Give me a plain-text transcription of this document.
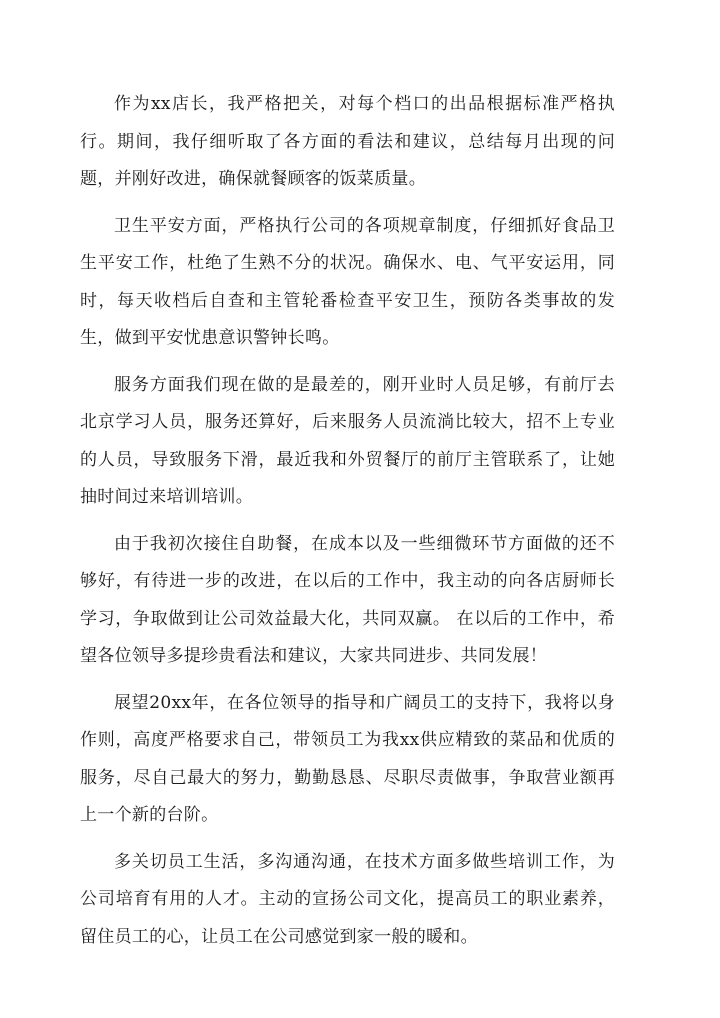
作为xx店长，我严格把关，对每个档口的出品根据标准严格执行。期间，我仔细听取了各方面的看法和建议，总结每月出现的问题，并刚好改进，确保就餐顾客的饭菜质量。

卫生平安方面，严格执行公司的各项规章制度，仔细抓好食品卫生平安工作，杜绝了生熟不分的状况。确保水、电、气平安运用，同时，每天收档后自查和主管轮番检查平安卫生，预防各类事故的发生，做到平安忧患意识警钟长鸣。

服务方面我们现在做的是最差的，刚开业时人员足够，有前厅去北京学习人员，服务还算好，后来服务人员流淌比较大，招不上专业的人员，导致服务下滑，最近我和外贸餐厅的前厅主管联系了，让她抽时间过来培训培训。

由于我初次接住自助餐，在成本以及一些细微环节方面做的还不够好，有待进一步的改进，在以后的工作中，我主动的向各店厨师长学习，争取做到让公司效益最大化，共同双赢。 在以后的工作中，希望各位领导多提珍贵看法和建议，大家共同进步、共同发展！

展望20xx年，在各位领导的指导和广阔员工的支持下，我将以身作则，高度严格要求自己，带领员工为我xx供应精致的菜品和优质的服务，尽自己最大的努力，勤勤恳恳、尽职尽责做事，争取营业额再上一个新的台阶。

多关切员工生活，多沟通沟通，在技术方面多做些培训工作，为公司培育有用的人才。主动的宣扬公司文化，提高员工的职业素养，留住员工的心，让员工在公司感觉到家一般的暖和。
